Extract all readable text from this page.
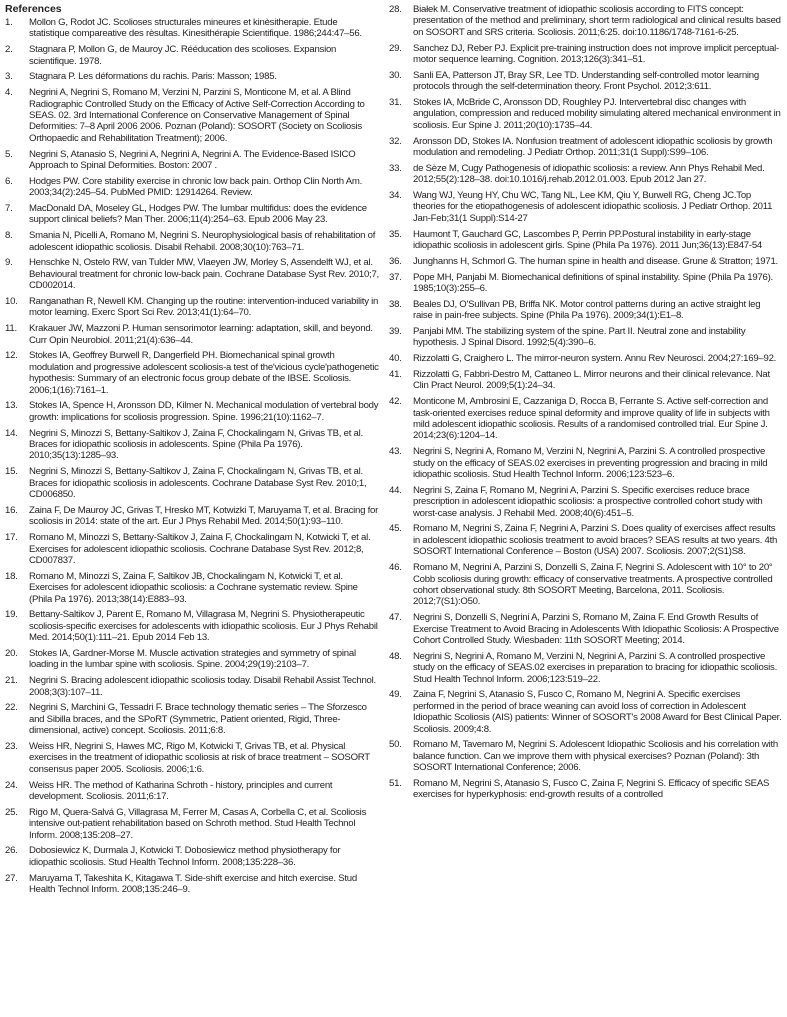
References
1.	Mollon G, Rodot JC. Scolioses structurales mineures et kinèsitherapie. Etude statistique compareative des rèsultas. Kinesithérapie Scientifique. 1986;244:47–56.
2.	Stagnara P, Mollon G, de Mauroy JC. Rééducation des scolioses. Expansion scientifique. 1978.
3.	Stagnara P. Les déformations du rachis. Paris: Masson; 1985.
4.	Negrini A, Negrini S, Romano M, Verzini N, Parzini S, Monticone M, et al. A Blind Radiographic Controlled Study on the Efficacy of Active Self-Correction According to SEAS. 02. 3rd International Conference on Conservative Management of Spinal Deformities: 7–8 April 2006 2006. Poznan (Poland): SOSORT (Society on Scoliosis Orthopaedic and Rehabilitation Treatment); 2006.
5.	Negrini S, Atanasio S, Negrini A, Negrini A, Negrini A. The Evidence-Based ISICO Approach to Spinal Deformities. Boston: 2007 .
6.	Hodges PW. Core stability exercise in chronic low back pain. Orthop Clin North Am. 2003;34(2):245–54. PubMed PMID: 12914264. Review.
7.	MacDonald DA, Moseley GL, Hodges PW. The lumbar multifidus: does the evidence support clinical beliefs? Man Ther. 2006;11(4):254–63. Epub 2006 May 23.
8.	Smania N, Picelli A, Romano M, Negrini S. Neurophysiological basis of rehabilitation of adolescent idiopathic scoliosis. Disabil Rehabil. 2008;30(10):763–71.
9.	Henschke N, Ostelo RW, van Tulder MW, Vlaeyen JW, Morley S, Assendelft WJ, et al. Behavioural treatment for chronic low-back pain. Cochrane Database Syst Rev. 2010;7, CD002014.
10.	Ranganathan R, Newell KM. Changing up the routine: intervention-induced variability in motor learning. Exerc Sport Sci Rev. 2013;41(1):64–70.
11.	Krakauer JW, Mazzoni P. Human sensorimotor learning: adaptation, skill, and beyond. Curr Opin Neurobiol. 2011;21(4):636–44.
12.	Stokes IA, Geoffrey Burwell R, Dangerfield PH. Biomechanical spinal growth modulation and progressive adolescent scoliosis-a test of the'vicious cycle'pathogenetic hypothesis: Summary of an electronic focus group debate of the IBSE. Scoliosis. 2006;1(16):7161–1.
13.	Stokes IA, Spence H, Aronsson DD, Kilmer N. Mechanical modulation of vertebral body growth: implications for scoliosis progression. Spine. 1996;21(10):1162–7.
14.	Negrini S, Minozzi S, Bettany-Saltikov J, Zaina F, Chockalingam N, Grivas TB, et al. Braces for idiopathic scoliosis in adolescents. Spine (Phila Pa 1976). 2010;35(13):1285–93.
15.	Negrini S, Minozzi S, Bettany-Saltikov J, Zaina F, Chockalingam N, Grivas TB, et al. Braces for idiopathic scoliosis in adolescents. Cochrane Database Syst Rev. 2010;1, CD006850.
16.	Zaina F, De Mauroy JC, Grivas T, Hresko MT, Kotwizki T, Maruyama T, et al. Bracing for scoliosis in 2014: state of the art. Eur J Phys Rehabil Med. 2014;50(1):93–110.
17.	Romano M, Minozzi S, Bettany-Saltikov J, Zaina F, Chockalingam N, Kotwicki T, et al. Exercises for adolescent idiopathic scoliosis. Cochrane Database Syst Rev. 2012;8, CD007837.
18.	Romano M, Minozzi S, Zaina F, Saltikov JB, Chockalingam N, Kotwicki T, et al. Exercises for adolescent idiopathic scoliosis: a Cochrane systematic review. Spine (Phila Pa 1976). 2013;38(14):E883–93.
19.	Bettany-Saltikov J, Parent E, Romano M, Villagrasa M, Negrini S. Physiotherapeutic scoliosis-specific exercises for adolescents with idiopathic scoliosis. Eur J Phys Rehabil Med. 2014;50(1):111–21. Epub 2014 Feb 13.
20.	Stokes IA, Gardner-Morse M. Muscle activation strategies and symmetry of spinal loading in the lumbar spine with scoliosis. Spine. 2004;29(19):2103–7.
21.	Negrini S. Bracing adolescent idiopathic scoliosis today. Disabil Rehabil Assist Technol. 2008;3(3):107–11.
22.	Negrini S, Marchini G, Tessadri F. Brace technology thematic series – The Sforzesco and Sibilla braces, and the SPoRT (Symmetric, Patient oriented, Rigid, Three-dimensional, active) concept. Scoliosis. 2011;6:8.
23.	Weiss HR, Negrini S, Hawes MC, Rigo M, Kotwicki T, Grivas TB, et al. Physical exercises in the treatment of idiopathic scoliosis at risk of brace treatment – SOSORT consensus paper 2005. Scoliosis. 2006;1:6.
24.	Weiss HR. The method of Katharina Schroth - history, principles and current development. Scoliosis. 2011;6:17.
25.	Rigo M, Quera-Salvá G, Villagrasa M, Ferrer M, Casas A, Corbella C, et al. Scoliosis intensive out-patient rehabilitation based on Schroth method. Stud Health Technol Inform. 2008;135:208–27.
26.	Dobosiewicz K, Durmala J, Kotwicki T. Dobosiewicz method physiotherapy for idiopathic scoliosis. Stud Health Technol Inform. 2008;135:228–36.
27.	Maruyama T, Takeshita K, Kitagawa T. Side-shift exercise and hitch exercise. Stud Health Technol Inform. 2008;135:246–9.
28.	Białek M. Conservative treatment of idiopathic scoliosis according to FITS concept: presentation of the method and preliminary, short term radiological and clinical results based on SOSORT and SRS criteria. Scoliosis. 2011;6:25. doi:10.1186/1748-7161-6-25.
29.	Sanchez DJ, Reber PJ. Explicit pre-training instruction does not improve implicit perceptual-motor sequence learning. Cognition. 2013;126(3):341–51.
30.	Sanli EA, Patterson JT, Bray SR, Lee TD. Understanding self-controlled motor learning protocols through the self-determination theory. Front Psychol. 2012;3:611.
31.	Stokes IA, McBride C, Aronsson DD, Roughley PJ. Intervertebral disc changes with angulation, compression and reduced mobility simulating altered mechanical environment in scoliosis. Eur Spine J. 2011;20(10):1735–44.
32.	Aronsson DD, Stokes IA. Nonfusion treatment of adolescent idiopathic scoliosis by growth modulation and remodeling. J Pediatr Orthop. 2011;31(1 Suppl):S99–106.
33.	de Sèze M, Cugy Pathogenesis of idiopathic scoliosis: a review. Ann Phys Rehabil Med. 2012;55(2):128–38. doi:10.1016/j.rehab.2012.01.003. Epub 2012 Jan 27.
34.	Wang WJ, Yeung HY, Chu WC, Tang NL, Lee KM, Qiu Y, Burwell RG, Cheng JC.Top theories for the etiopathogenesis of adolescent idiopathic scoliosis. J Pediatr Orthop. 2011 Jan-Feb;31(1 Suppl):S14-27
35.	Haumont T, Gauchard GC, Lascombes P, Perrin PP.Postural instability in early-stage idiopathic scoliosis in adolescent girls. Spine (Phila Pa 1976). 2011 Jun;36(13):E847-54
36.	Junghanns H, Schmorl G. The human spine in health and disease. Grune & Stratton; 1971.
37.	Pope MH, Panjabi M. Biomechanical definitions of spinal instability. Spine (Phila Pa 1976). 1985;10(3):255–6.
38.	Beales DJ, O'Sullivan PB, Briffa NK. Motor control patterns during an active straight leg raise in pain-free subjects. Spine (Phila Pa 1976). 2009;34(1):E1–8.
39.	Panjabi MM. The stabilizing system of the spine. Part II. Neutral zone and instability hypothesis. J Spinal Disord. 1992;5(4):390–6.
40.	Rizzolatti G, Craighero L. The mirror-neuron system. Annu Rev Neurosci. 2004;27:169–92.
41.	Rizzolatti G, Fabbri-Destro M, Cattaneo L. Mirror neurons and their clinical relevance. Nat Clin Pract Neurol. 2009;5(1):24–34.
42.	Monticone M, Ambrosini E, Cazzaniga D, Rocca B, Ferrante S. Active self-correction and task-oriented exercises reduce spinal deformity and improve quality of life in subjects with mild adolescent idiopathic scoliosis. Results of a randomised controlled trial. Eur Spine J. 2014;23(6):1204–14.
43.	Negrini S, Negrini A, Romano M, Verzini N, Negrini A, Parzini S. A controlled prospective study on the efficacy of SEAS.02 exercises in preventing progression and bracing in mild idiopathic scoliosis. Stud Health Technol Inform. 2006;123:523–6.
44.	Negrini S, Zaina F, Romano M, Negrini A, Parzini S. Specific exercises reduce brace prescription in adolescent idiopathic scoliosis: a prospective controlled cohort study with worst-case analysis. J Rehabil Med. 2008;40(6):451–5.
45.	Romano M, Negrini S, Zaina F, Negrini A, Parzini S. Does quality of exercises affect results in adolescent idiopathic scoliosis treatment to avoid braces? SEAS results at two years. 4th SOSORT International Conference – Boston (USA) 2007. Scoliosis. 2007;2(S1)S8.
46.	Romano M, Negrini A, Parzini S, Donzelli S, Zaina F, Negrini S. Adolescent with 10° to 20° Cobb scoliosis during growth: efficacy of conservative treatments. A prospective controlled cohort observational study. 8th SOSORT Meeting, Barcelona, 2011. Scoliosis. 2012;7(S1):O50.
47.	Negrini S, Donzelli S, Negrini A, Parzini S, Romano M, Zaina F. End Growth Results of Exercise Treatment to Avoid Bracing in Adolescents With Idiopathic Scoliosis: A Prospective Cohort Controlled Study. Wiesbaden: 11th SOSORT Meeting; 2014.
48.	Negrini S, Negrini A, Romano M, Verzini N, Negrini A, Parzini S. A controlled prospective study on the efficacy of SEAS.02 exercises in preparation to bracing for idiopathic scoliosis. Stud Health Technol Inform. 2006;123:519–22.
49.	Zaina F, Negrini S, Atanasio S, Fusco C, Romano M, Negrini A. Specific exercises performed in the period of brace weaning can avoid loss of correction in Adolescent Idiopathic Scoliosis (AIS) patients: Winner of SOSORT's 2008 Award for Best Clinical Paper. Scoliosis. 2009;4:8.
50.	Romano M, Tavernaro M, Negrini S. Adolescent Idiopathic Scoliosis and his correlation with balance function. Can we improve them with physical exercises? Poznan (Poland): 3th SOSORT International Conference; 2006.
51.	Romano M, Negrini S, Atanasio S, Fusco C, Zaina F, Negrini S. Efficacy of specific SEAS exercises for hyperkyphosis: end-growth results of a controlled
